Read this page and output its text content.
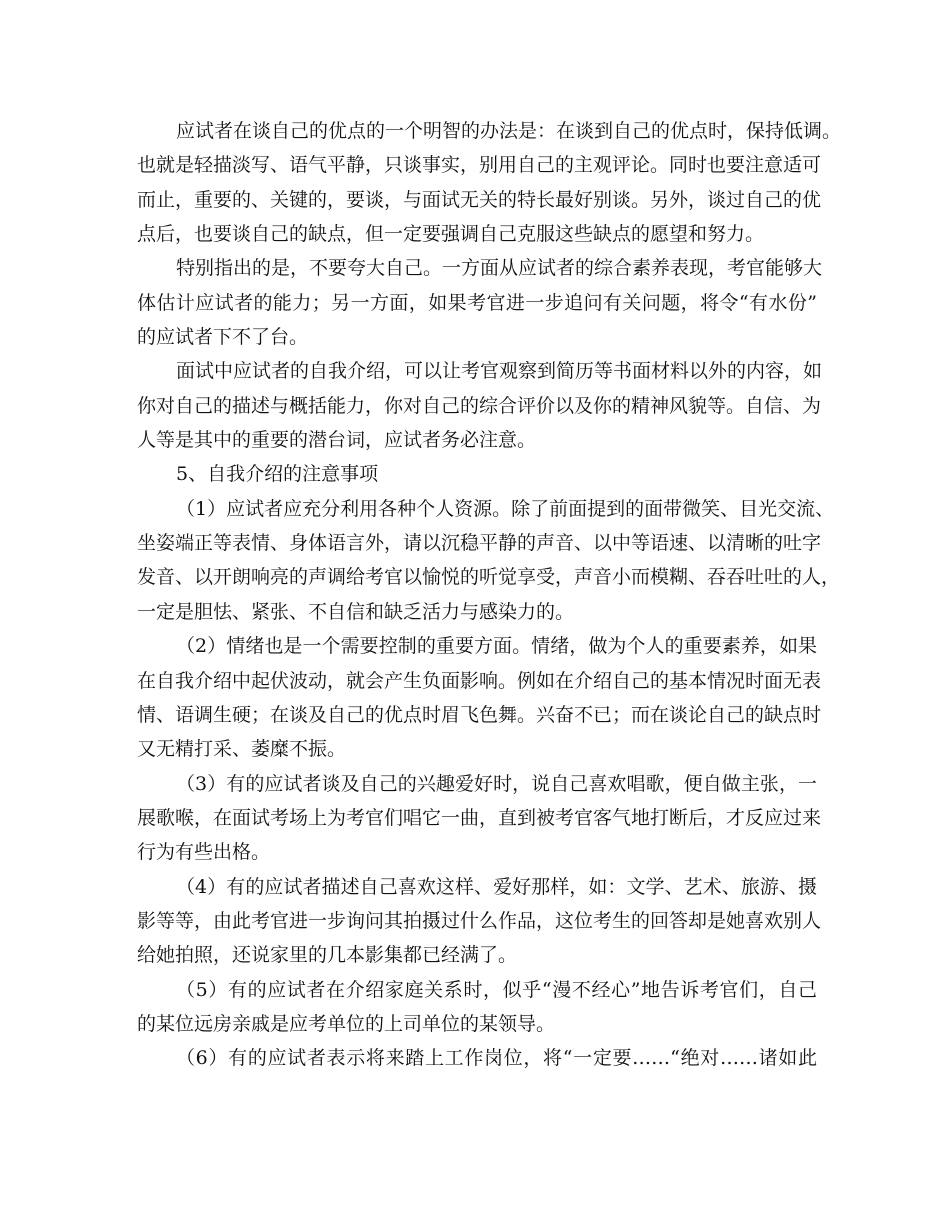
应试者在谈自己的优点的一个明智的办法是：在谈到自己的优点时，保持低调。
也就是轻描淡写、语气平静，只谈事实，别用自己的主观评论。同时也要注意适可
而止，重要的、关键的，要谈，与面试无关的特长最好别谈。另外，谈过自己的优
点后，也要谈自己的缺点，但一定要强调自己克服这些缺点的愿望和努力。
特别指出的是，不要夸大自己。一方面从应试者的综合素养表现，考官能够大
体估计应试者的能力；另一方面，如果考官进一步追问有关问题，将令“有水份”
的应试者下不了台。
面试中应试者的自我介绍，可以让考官观察到简历等书面材料以外的内容，如
你对自己的描述与概括能力，你对自己的综合评价以及你的精神风貌等。自信、为
人等是其中的重要的潜台词，应试者务必注意。
5、自我介绍的注意事项
（1）应试者应充分利用各种个人资源。除了前面提到的面带微笑、目光交流、
坐姿端正等表情、身体语言外，请以沉稳平静的声音、以中等语速、以清晰的吐字
发音、以开朗响亮的声调给考官以愉悦的听觉享受，声音小而模糊、吞吞吐吐的人，
一定是胆怯、紧张、不自信和缺乏活力与感染力的。
（2）情绪也是一个需要控制的重要方面。情绪，做为个人的重要素养，如果
在自我介绍中起伏波动，就会产生负面影响。例如在介绍自己的基本情况时面无表
情、语调生硬；在谈及自己的优点时眉飞色舞。兴奋不已；而在谈论自己的缺点时
又无精打采、萎糜不振。
（3）有的应试者谈及自己的兴趣爱好时，说自己喜欢唱歌，便自做主张，一
展歌喉，在面试考场上为考官们唱它一曲，直到被考官客气地打断后，才反应过来
行为有些出格。
（4）有的应试者描述自己喜欢这样、爱好那样，如：文学、艺术、旅游、摄
影等等，由此考官进一步询问其拍摄过什么作品，这位考生的回答却是她喜欢别人
给她拍照，还说家里的几本影集都已经满了。
（5）有的应试者在介绍家庭关系时，似乎“漫不经心”地告诉考官们，自己
的某位远房亲戚是应考单位的上司单位的某领导。
（6）有的应试者表示将来踏上工作岗位，将“一定要……“绝对……诸如此
